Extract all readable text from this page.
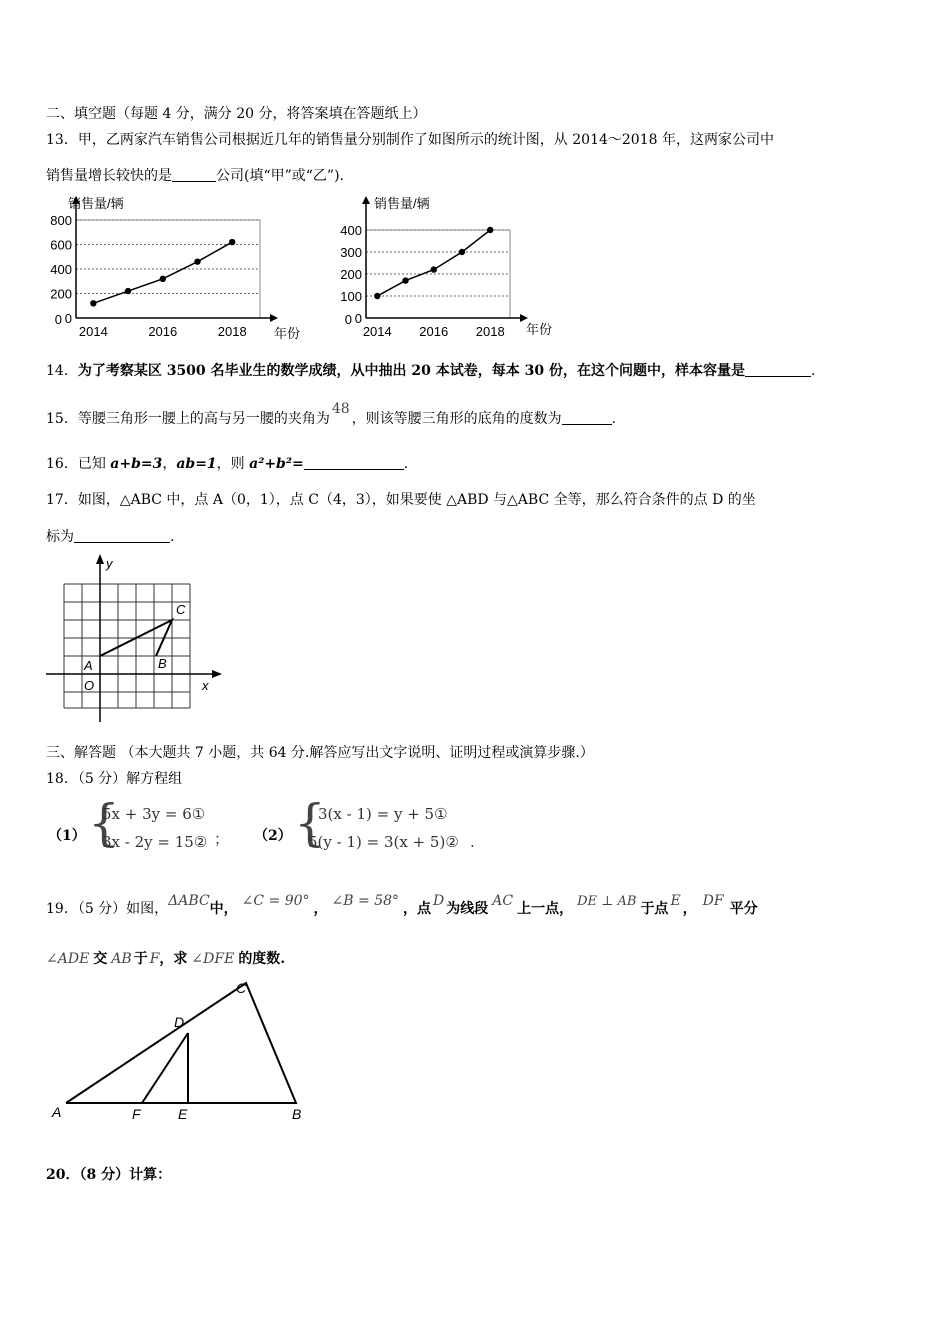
二、填空题（每题 4 分，满分 20 分，将答案填在答题纸上）
13．甲，乙两家汽车销售公司根据近几年的销售量分别制作了如图所示的统计图，从 2014～2018 年，这两家公司中
销售量增长较快的是	公司(填“甲”或“乙”).
0
200
400
600
800
0
2014	2016	2018
销售量/辆
年份
0
100
200
300
400
0
2014 2016 2018
销售量/辆
年份
14．为了考察某区 3500 名毕业生的数学成绩，从中抽出 20 本试卷，每本 30 份，在这个问题中，样本容量是	.
15．等腰三角形一腰上的高与另一腰的夹角为48，则该等腰三角形的底角的度数为	.
16．已知 a+b=3，ab=1，则 a²+b²=	.
17．如图，△ABC 中，点 A（0，1），点 C（4，3），如果要使 △ABD 与△ABC 全等，那么符合条件的点 D 的坐
标为	.
y
x
A	B
C
O
三、解答题 （本大题共 7 小题，共 64 分.解答应写出文字说明、证明过程或演算步骤.）
18．（5 分）解方程组
（1） {
5x + 3y = 6①
3x - 2y = 15② ； （2） {
3(x - 1) = y + 5①
5(y - 1) = 3(x + 5)② .
19．（5 分）如图，ΔABC中， ∠C = 90° ， ∠B = 58° ，点 D 为线段 AC 上一点， DE ⊥ AB 于点 E ， DF 平分
∠ADE 交 AB 于 F，求 ∠DFE 的度数.
A	B
C
D
E
F
20．（8 分）计算：
